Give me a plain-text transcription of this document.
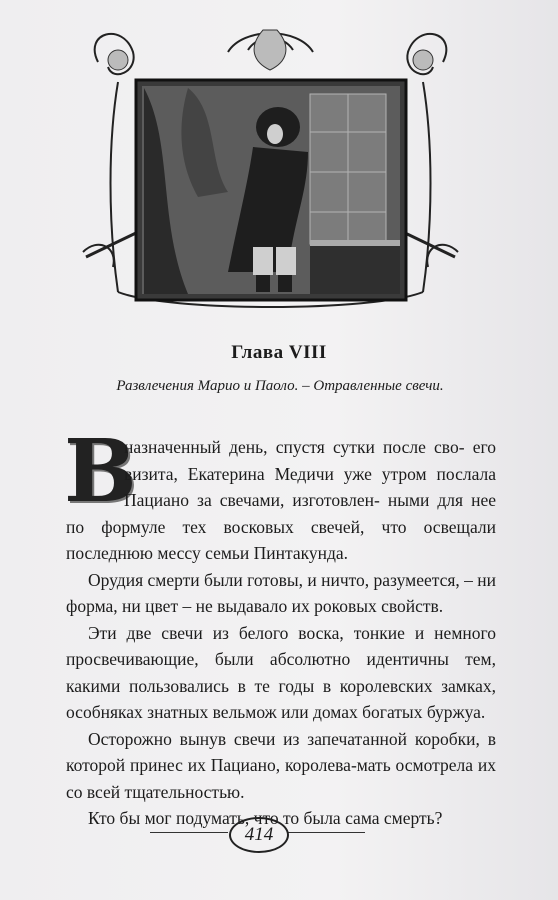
Глава VIII
Развлечения Марио и Паоло. – Отравленные свечи.
В

назначенный день, спустя сутки после сво- его визита, Екатерина Медичи уже утром послала Пациано за свечами, изготовлен- ными для нее по формуле тех восковых свечей, что освещали последнюю мессу семьи Пинтакунда.

Орудия смерти были готовы, и ничто, разумеется, – ни форма, ни цвет – не выдавало их роковых свойств.

Эти две свечи из белого воска, тонкие и немного просвечивающие, были абсолютно идентичны тем, какими пользовались в те годы в королевских замках, особняках знатных вельмож или домах богатых буржуа.

Осторожно вынув свечи из запечатанной коробки, в которой принес их Пациано, королева-мать осмотрела их со всей тщательностью.

Кто бы мог подумать, что то была сама смерть?

414
